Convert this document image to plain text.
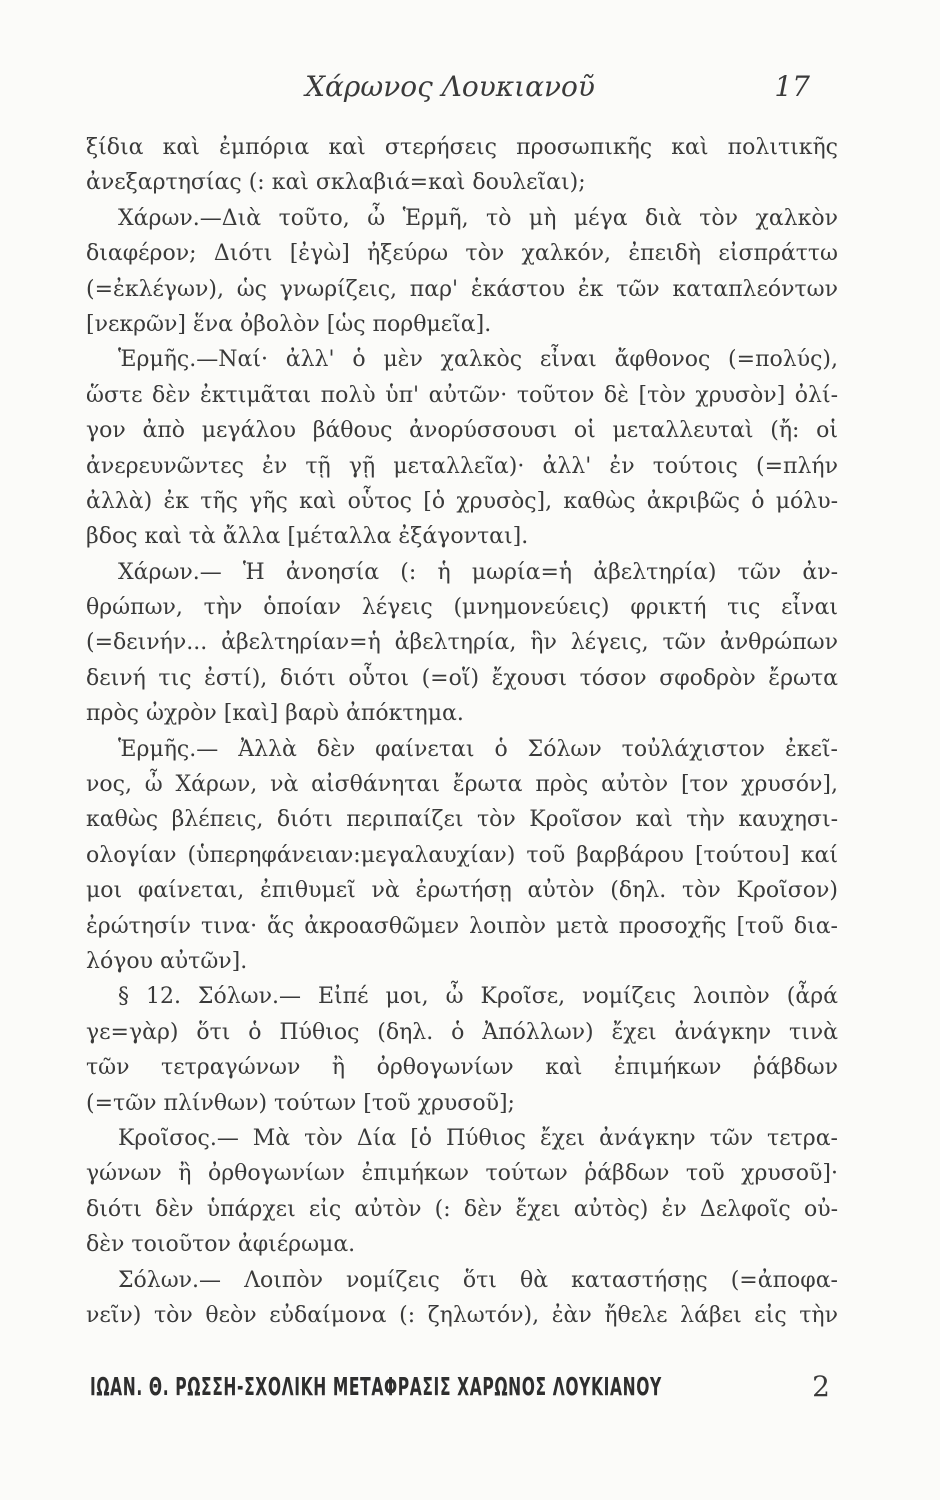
Χάρωνος Λουκιανοῦ	17
ξίδια καὶ ἐμπόρια καὶ στερήσεις προσωπικῆς καὶ πολιτικῆς
ἀνεξαρτησίας (: καὶ σκλαβιά=καὶ δουλεῖαι);
Χάρων.—Διὰ τοῦτο, ὦ Ἑρμῆ, τὸ μὴ μέγα διὰ τὸν χαλκὸν
διαφέρον; Διότι [ἐγὼ] ἠξεύρω τὸν χαλκόν, ἐπειδὴ εἰσπράττω
(=ἐκλέγων), ὡς γνωρίζεις, παρ' ἑκάστου ἐκ τῶν καταπλεόντων
[νεκρῶν] ἕνα ὀβολὸν [ὡς πορθμεῖα].
Ἑρμῆς.—Ναί· ἀλλ' ὁ μὲν χαλκὸς εἶναι ἄφθονος (=πολύς),
ὥστε δὲν ἐκτιμᾶται πολὺ ὑπ' αὐτῶν· τοῦτον δὲ [τὸν χρυσὸν] ὀλί-
γον ἀπὸ μεγάλου βάθους ἀνορύσσουσι οἱ μεταλλευταὶ (ἤ: οἱ
ἀνερευνῶντες ἐν τῇ γῇ μεταλλεῖα)· ἀλλ' ἐν τούτοις (=πλήν
ἀλλὰ) ἐκ τῆς γῆς καὶ οὗτος [ὁ χρυσὸς], καθὼς ἀκριβῶς ὁ μόλυ-
βδος καὶ τὰ ἄλλα [μέταλλα ἐξάγονται].
Χάρων.— Ἡ ἀνοησία (: ἡ μωρία=ἡ ἀβελτηρία) τῶν ἀν-
θρώπων, τὴν ὁποίαν λέγεις (μνημονεύεις) φρικτή τις εἶναι
(=δεινήν... ἀβελτηρίαν=ἡ ἀβελτηρία, ἣν λέγεις, τῶν ἀνθρώπων
δεινή τις ἐστί), διότι οὗτοι (=οἵ) ἔχουσι τόσον σφοδρὸν ἔρωτα
πρὸς ὠχρὸν [καὶ] βαρὺ ἀπόκτημα.
Ἑρμῆς.— Ἀλλὰ δὲν φαίνεται ὁ Σόλων τοὐλάχιστον ἐκεῖ-
νος, ὦ Χάρων, νὰ αἰσθάνηται ἔρωτα πρὸς αὐτὸν [τον χρυσόν],
καθὼς βλέπεις, διότι περιπαίζει τὸν Κροῖσον καὶ τὴν καυχησι-
ολογίαν (ὑπερηφάνειαν:μεγαλαυχίαν) τοῦ βαρβάρου [τούτου] καί
μοι φαίνεται, ἐπιθυμεῖ νὰ ἐρωτήσῃ αὐτὸν (δηλ. τὸν Κροῖσον)
ἐρώτησίν τινα· ἅς ἀκροασθῶμεν λοιπὸν μετὰ προσοχῆς [τοῦ δια-
λόγου αὐτῶν].
§ 12. Σόλων.— Εἰπέ μοι, ὦ Κροῖσε, νομίζεις λοιπὸν (ἆρά
γε=γὰρ) ὅτι ὁ Πύθιος (δηλ. ὁ Ἀπόλλων) ἔχει ἀνάγκην τινὰ
τῶν τετραγώνων ἢ ὀρθογωνίων καὶ ἐπιμήκων ῥάβδων
(=τῶν πλίνθων) τούτων [τοῦ χρυσοῦ];
Κροῖσος.— Μὰ τὸν Δία [ὁ Πύθιος ἔχει ἀνάγκην τῶν τετρα-
γώνων ἢ ὀρθογωνίων ἐπιμήκων τούτων ῥάβδων τοῦ χρυσοῦ]·
διότι δὲν ὑπάρχει εἰς αὐτὸν (: δὲν ἔχει αὐτὸς) ἐν Δελφοῖς οὐ-
δὲν τοιοῦτον ἀφιέρωμα.
Σόλων.— Λοιπὸν νομίζεις ὅτι θὰ καταστήσῃς (=ἀποφα-
νεῖν) τὸν θεὸν εὐδαίμονα (: ζηλωτόν), ἐὰν ἤθελε λάβει εἰς τὴν
ΙΩΑΝ. Θ. ΡΩΣΣΗ-ΣΧΟΛΙΚΗ ΜΕΤΑΦΡΑΣΙΣ ΧΑΡΩΝΟΣ ΛΟΥΚΙΑΝΟΥ	2
